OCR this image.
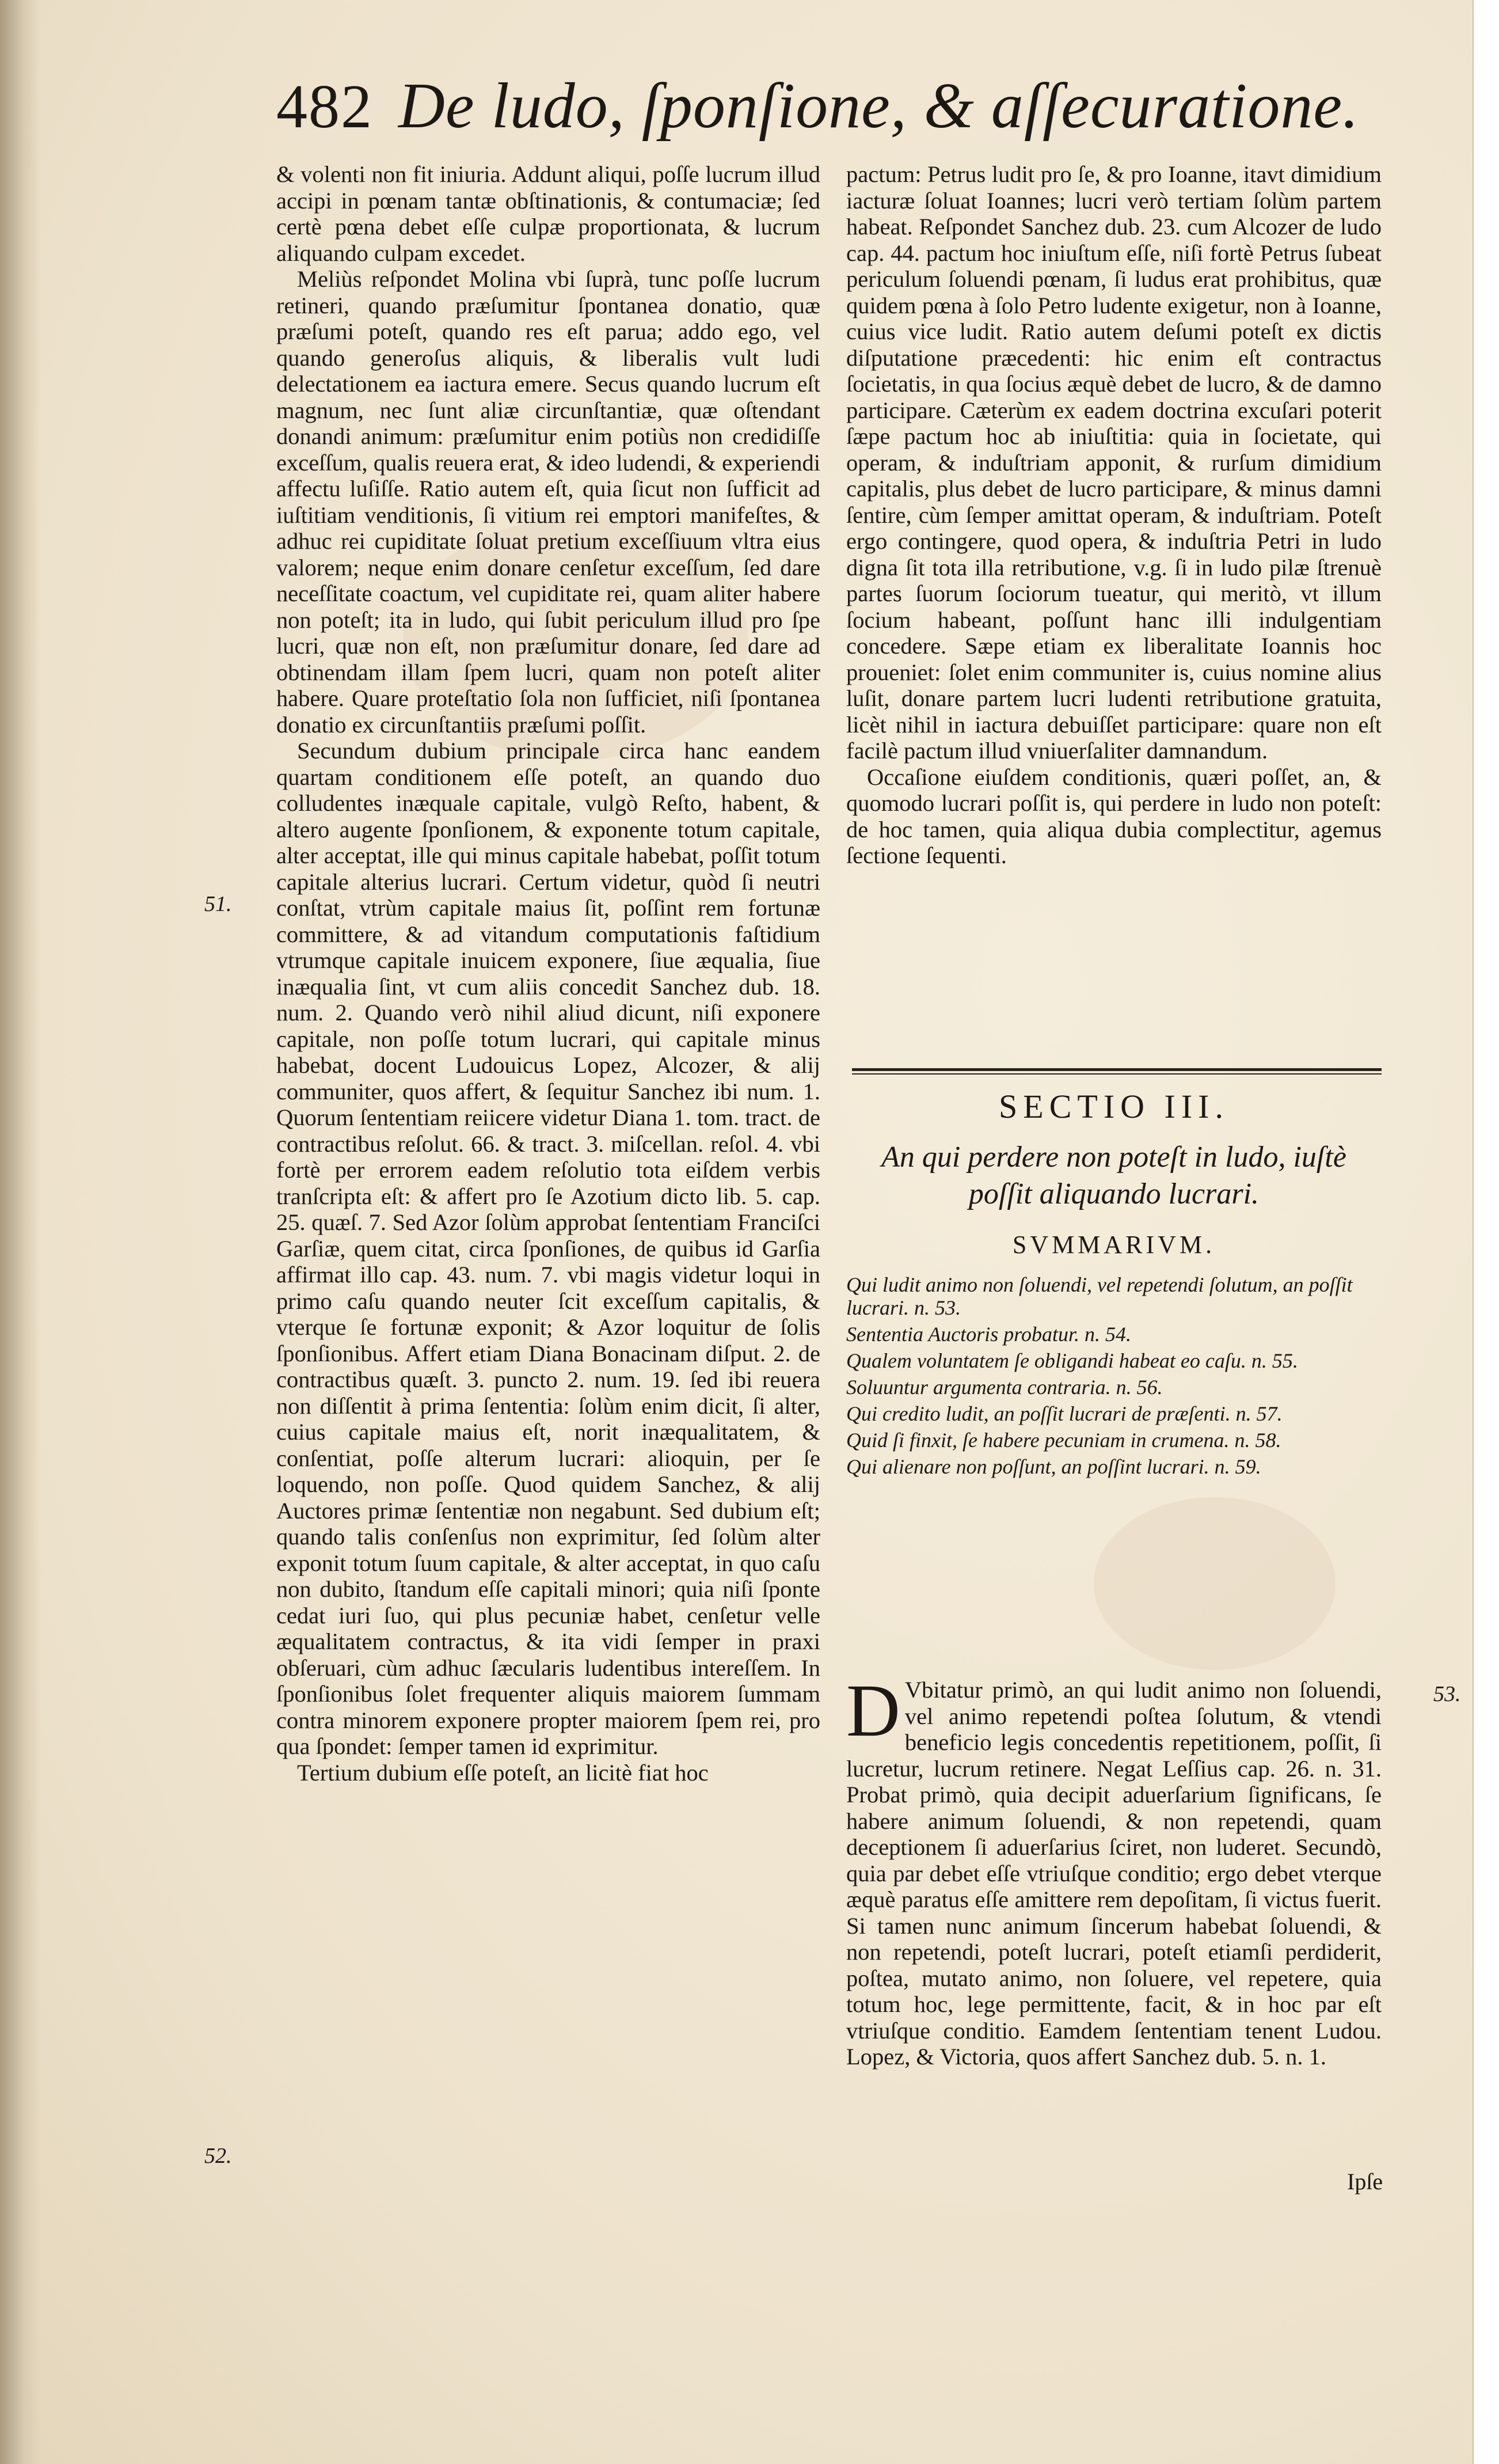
482 De ludo, ſponſione, & aſſecuratione.

& volenti non fit iniuria. Addunt aliqui, poſſe lucrum illud accipi in pœnam tantæ obſtinationis, & contumaciæ; ſed certè pœna debet eſſe culpæ proportionata, & lucrum aliquando culpam excedet.

Meliùs reſpondet Molina vbi ſuprà, tunc poſſe lucrum retineri, quando præſumitur ſpontanea donatio, quæ præſumi poteſt, quando res eſt parua; addo ego, vel quando generoſus aliquis, & liberalis vult ludi delectationem ea iactura emere. Secus quando lucrum eſt magnum, nec ſunt aliæ circunſtantiæ, quæ oſtendant donandi animum: præſumitur enim potiùs non credidiſſe exceſſum, qualis reuera erat, & ideo ludendi, & experiendi affectu luſiſſe. Ratio autem eſt, quia ſicut non ſufficit ad iuſtitiam venditionis, ſi vitium rei emptori manifeſtes, & adhuc rei cupiditate ſoluat pretium exceſſiuum vltra eius valorem; neque enim donare cenſetur exceſſum, ſed dare neceſſitate coactum, vel cupiditate rei, quam aliter habere non poteſt; ita in ludo, qui ſubit periculum illud pro ſpe lucri, quæ non eſt, non præſumitur donare, ſed dare ad obtinendam illam ſpem lucri, quam non poteſt aliter habere. Quare proteſtatio ſola non ſufficiet, niſi ſpontanea donatio ex circunſtantiis præſumi poſſit.

Secundum dubium principale circa hanc eandem quartam conditionem eſſe poteſt, an quando duo colludentes inæquale capitale, vulgò Reſto, habent, & altero augente ſponſionem, & exponente totum capitale, alter acceptat, ille qui minus capitale habebat, poſſit totum capitale alterius lucrari. Certum videtur, quòd ſi neutri conſtat, vtrùm capitale maius ſit, poſſint rem fortunæ committere, & ad vitandum computationis faſtidium vtrumque capitale inuicem exponere, ſiue æqualia, ſiue inæqualia ſint, vt cum aliis concedit Sanchez dub. 18. num. 2. Quando verò nihil aliud dicunt, niſi exponere capitale, non poſſe totum lucrari, qui capitale minus habebat, docent Ludouicus Lopez, Alcozer, & alij communiter, quos affert, & ſequitur Sanchez ibi num. 1. Quorum ſententiam reiicere videtur Diana 1. tom. tract. de contractibus reſolut. 66. & tract. 3. miſcellan. reſol. 4. vbi fortè per errorem eadem reſolutio tota eiſdem verbis tranſcripta eſt: & affert pro ſe Azotium dicto lib. 5. cap. 25. quæſ. 7. Sed Azor ſolùm approbat ſententiam Franciſci Garſiæ, quem citat, circa ſponſiones, de quibus id Garſia affirmat illo cap. 43. num. 7. vbi magis videtur loqui in primo caſu quando neuter ſcit exceſſum capitalis, & vterque ſe fortunæ exponit; & Azor loquitur de ſolis ſponſionibus. Affert etiam Diana Bonacinam diſput. 2. de contractibus quæſt. 3. puncto 2. num. 19. ſed ibi reuera non diſſentit à prima ſententia: ſolùm enim dicit, ſi alter, cuius capitale maius eſt, norit inæqualitatem, & conſentiat, poſſe alterum lucrari: alioquin, per ſe loquendo, non poſſe. Quod quidem Sanchez, & alij Auctores primæ ſententiæ non negabunt. Sed dubium eſt; quando talis conſenſus non exprimitur, ſed ſolùm alter exponit totum ſuum capitale, & alter acceptat, in quo caſu non dubito, ſtandum eſſe capitali minori; quia niſi ſponte cedat iuri ſuo, qui plus pecuniæ habet, cenſetur velle æqualitatem contractus, & ita vidi ſemper in praxi obſeruari, cùm adhuc ſæcularis ludentibus intereſſem. In ſponſionibus ſolet frequenter aliquis maiorem ſummam contra minorem exponere propter maiorem ſpem rei, pro qua ſpondet: ſemper tamen id exprimitur.

Tertium dubium eſſe poteſt, an licitè fiat hoc

51.
52.
53.

pactum: Petrus ludit pro ſe, & pro Ioanne, itavt dimidium iacturæ ſoluat Ioannes; lucri verò tertiam ſolùm partem habeat. Reſpondet Sanchez dub. 23. cum Alcozer de ludo cap. 44. pactum hoc iniuſtum eſſe, niſi fortè Petrus ſubeat periculum ſoluendi pœnam, ſi ludus erat prohibitus, quæ quidem pœna à ſolo Petro ludente exigetur, non à Ioanne, cuius vice ludit. Ratio autem deſumi poteſt ex dictis diſputatione præcedenti: hic enim eſt contractus ſocietatis, in qua ſocius æquè debet de lucro, & de damno participare. Cæterùm ex eadem doctrina excuſari poterit ſæpe pactum hoc ab iniuſtitia: quia in ſocietate, qui operam, & induſtriam apponit, & rurſum dimidium capitalis, plus debet de lucro participare, & minus damni ſentire, cùm ſemper amittat operam, & induſtriam. Poteſt ergo contingere, quod opera, & induſtria Petri in ludo digna ſit tota illa retributione, v.g. ſi in ludo pilæ ſtrenuè partes ſuorum ſociorum tueatur, qui meritò, vt illum ſocium habeant, poſſunt hanc illi indulgentiam concedere. Sæpe etiam ex liberalitate Ioannis hoc proueniet: ſolet enim communiter is, cuius nomine alius luſit, donare partem lucri ludenti retributione gratuita, licèt nihil in iactura debuiſſet participare: quare non eſt facilè pactum illud vniuerſaliter damnandum.

Occaſione eiuſdem conditionis, quæri poſſet, an, & quomodo lucrari poſſit is, qui perdere in ludo non poteſt: de hoc tamen, quia aliqua dubia complectitur, agemus ſectione ſequenti.

SECTIO III.
An qui perdere non poteſt in ludo, iuſtè poſſit aliquando lucrari.
SVMMARIVM.
Qui ludit animo non ſoluendi, vel repetendi ſolutum, an poſſit lucrari. n. 53.
Sententia Auctoris probatur. n. 54.
Qualem voluntatem ſe obligandi habeat eo caſu. n. 55.
Soluuntur argumenta contraria. n. 56.
Qui credito ludit, an poſſit lucrari de præſenti. n. 57.
Quid ſi finxit, ſe habere pecuniam in crumena. n. 58.
Qui alienare non poſſunt, an poſſint lucrari. n. 59.
D Vbitatur primò, an qui ludit animo non ſoluendi, vel animo repetendi poſtea ſolutum, & vtendi beneficio legis concedentis repetitionem, poſſit, ſi lucretur, lucrum retinere. Negat Leſſius cap. 26. n. 31. Probat primò, quia decipit aduerſarium ſignificans, ſe habere animum ſoluendi, & non repetendi, quam deceptionem ſi aduerſarius ſciret, non luderet. Secundò, quia par debet eſſe vtriuſque conditio; ergo debet vterque æquè paratus eſſe amittere rem depoſitam, ſi victus fuerit. Si tamen nunc animum ſincerum habebat ſoluendi, & non repetendi, poteſt lucrari, poteſt etiamſi perdiderit, poſtea, mutato animo, non ſoluere, vel repetere, quia totum hoc, lege permittente, facit, & in hoc par eſt vtriuſque conditio. Eamdem ſententiam tenent Ludou. Lopez, & Victoria, quos affert Sanchez dub. 5. n. 1.
Ipſe
